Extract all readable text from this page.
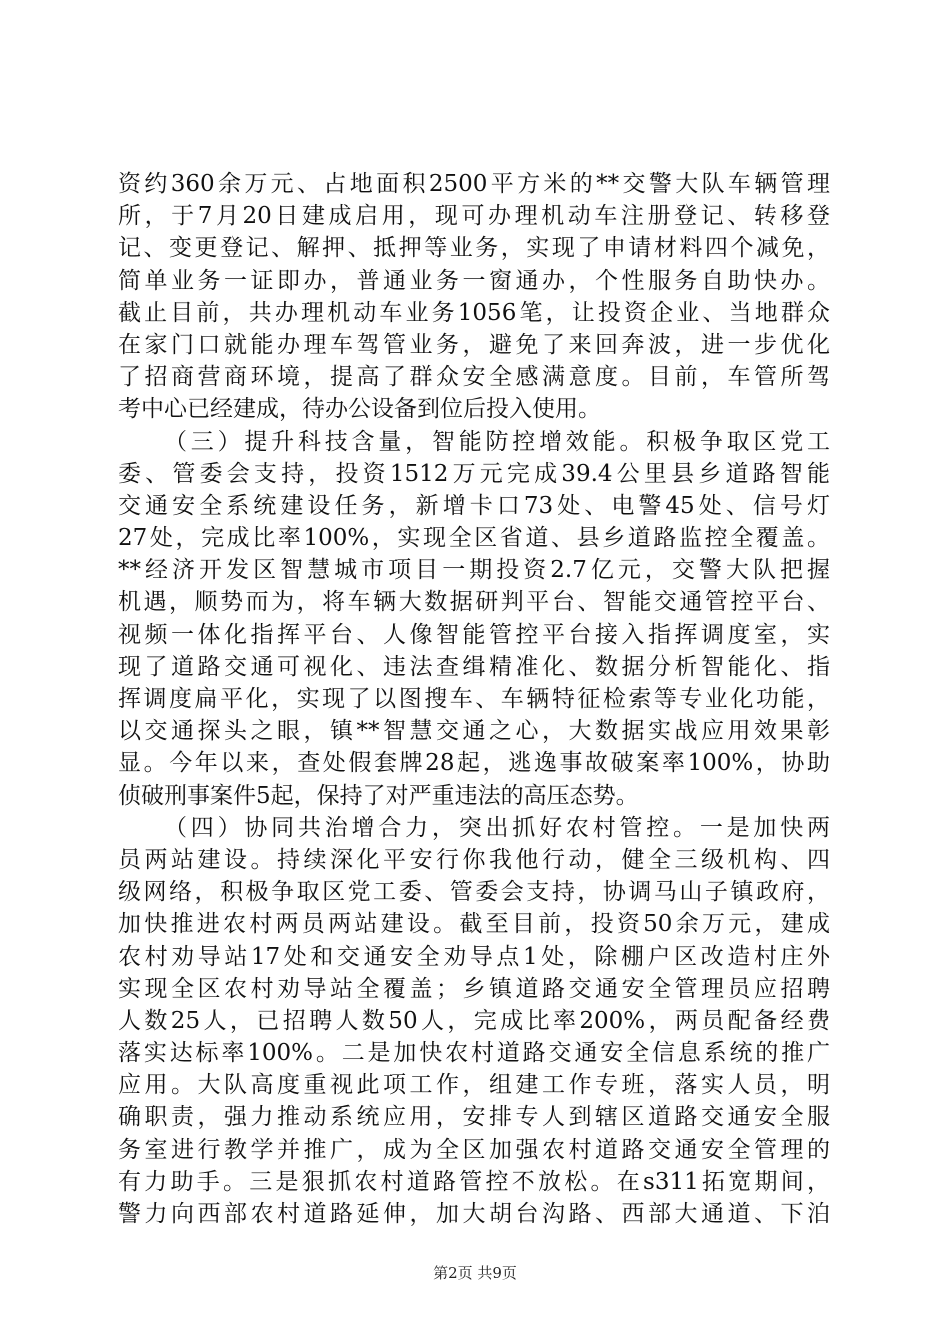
资约360余万元、占地面积2500平方米的**交警大队车辆管理
所，于7月20日建成启用，现可办理机动车注册登记、转移登
记、变更登记、解押、抵押等业务，实现了申请材料四个减免，
简单业务一证即办，普通业务一窗通办，个性服务自助快办。
截止目前，共办理机动车业务1056笔，让投资企业、当地群众
在家门口就能办理车驾管业务，避免了来回奔波，进一步优化
了招商营商环境，提高了群众安全感满意度。目前，车管所驾
考中心已经建成，待办公设备到位后投入使用。
（三）提升科技含量，智能防控增效能。积极争取区党工
委、管委会支持，投资1512万元完成39.4公里县乡道路智能
交通安全系统建设任务，新增卡口73处、电警45处、信号灯
27处，完成比率100%，实现全区省道、县乡道路监控全覆盖。
**经济开发区智慧城市项目一期投资2.7亿元，交警大队把握
机遇，顺势而为，将车辆大数据研判平台、智能交通管控平台、
视频一体化指挥平台、人像智能管控平台接入指挥调度室，实
现了道路交通可视化、违法查缉精准化、数据分析智能化、指
挥调度扁平化，实现了以图搜车、车辆特征检索等专业化功能，
以交通探头之眼，镇**智慧交通之心，大数据实战应用效果彰
显。今年以来，查处假套牌28起，逃逸事故破案率100%，协助
侦破刑事案件5起，保持了对严重违法的高压态势。
（四）协同共治增合力，突出抓好农村管控。一是加快两
员两站建设。持续深化平安行你我他行动，健全三级机构、四
级网络，积极争取区党工委、管委会支持，协调马山子镇政府，
加快推进农村两员两站建设。截至目前，投资50余万元，建成
农村劝导站17处和交通安全劝导点1处，除棚户区改造村庄外
实现全区农村劝导站全覆盖；乡镇道路交通安全管理员应招聘
人数25人，已招聘人数50人，完成比率200%，两员配备经费
落实达标率100%。二是加快农村道路交通安全信息系统的推广
应用。大队高度重视此项工作，组建工作专班，落实人员，明
确职责，强力推动系统应用，安排专人到辖区道路交通安全服
务室进行教学并推广，成为全区加强农村道路交通安全管理的
有力助手。三是狠抓农村道路管控不放松。在s311拓宽期间，
警力向西部农村道路延伸，加大胡台沟路、西部大通道、下泊
第2页 共9页
